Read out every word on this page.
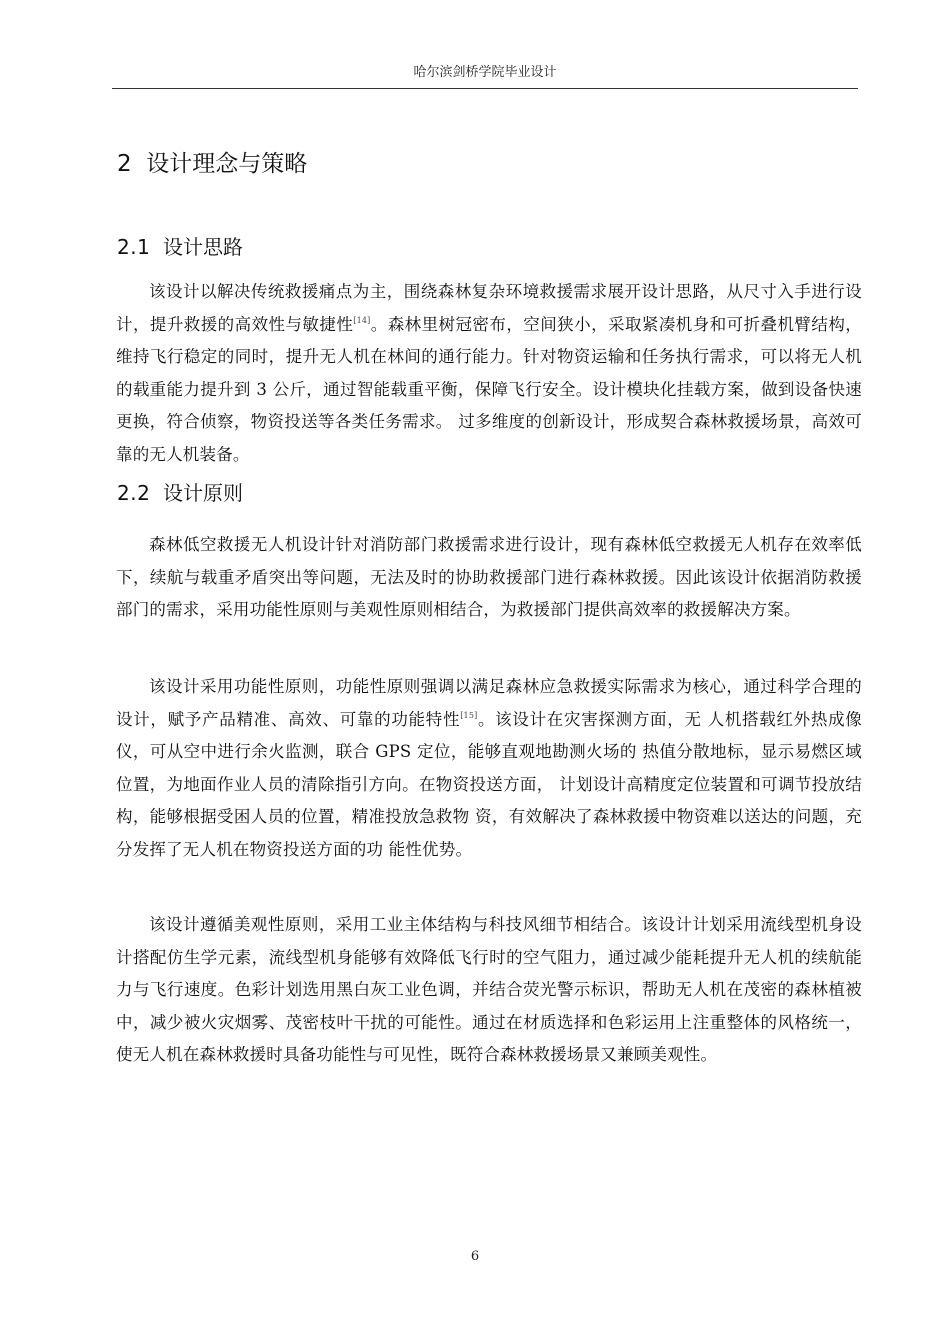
哈尔滨剑桥学院毕业设计
2 设计理念与策略
2.1 设计思路

该设计以解决传统救援痛点为主，围绕森林复杂环境救援需求展开设计思路，从尺寸入手进行设计，提升救援的高效性与敏捷性[14]。森林里树冠密布，空间狭小，采取紧凑机身和可折叠机臂结构，维持飞行稳定的同时，提升无人机在林间的通行能力。针对物资运输和任务执行需求，可以将无人机的载重能力提升到 3 公斤，通过智能载重平衡，保障飞行安全。设计模块化挂载方案，做到设备快速更换，符合侦察，物资投送等各类任务需求。 过多维度的创新设计，形成契合森林救援场景，高效可靠的无人机装备。

2.2 设计原则

森林低空救援无人机设计针对消防部门救援需求进行设计，现有森林低空救援无人机存在效率低下，续航与载重矛盾突出等问题，无法及时的协助救援部门进行森林救援。因此该设计依据消防救援部门的需求，采用功能性原则与美观性原则相结合，为救援部门提供高效率的救援解决方案。

该设计采用功能性原则，功能性原则强调以满足森林应急救援实际需求为核心，通过科学合理的设计，赋予产品精准、高效、可靠的功能特性[15]。该设计在灾害探测方面，无 人机搭载红外热成像仪，可从空中进行余火监测，联合 GPS 定位，能够直观地勘测火场的 热值分散地标，显示易燃区域位置，为地面作业人员的清除指引方向。在物资投送方面， 计划设计高精度定位装置和可调节投放结构，能够根据受困人员的位置，精准投放急救物 资，有效解决了森林救援中物资难以送达的问题，充分发挥了无人机在物资投送方面的功 能性优势。

该设计遵循美观性原则，采用工业主体结构与科技风细节相结合。该设计计划采用流线型机身设计搭配仿生学元素，流线型机身能够有效降低飞行时的空气阻力，通过减少能耗提升无人机的续航能力与飞行速度。色彩计划选用黑白灰工业色调，并结合荧光警示标识，帮助无人机在茂密的森林植被中，减少被火灾烟雾、茂密枝叶干扰的可能性。通过在材质选择和色彩运用上注重整体的风格统一，使无人机在森林救援时具备功能性与可见性，既符合森林救援场景又兼顾美观性。

6
